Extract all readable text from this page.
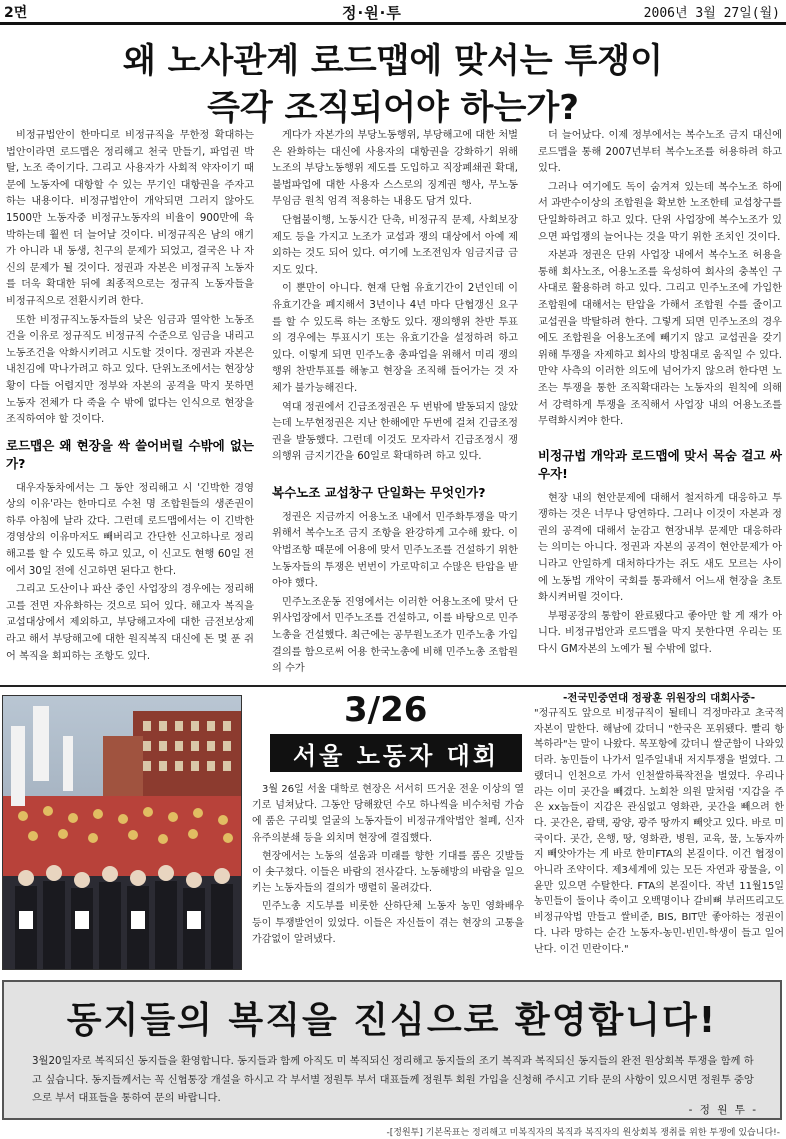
2면	정·원·투	2006년 3월 27일(월)
왜 노사관계 로드맵에 맞서는 투쟁이
즉각 조직되어야 하는가?

비정규법안이 한마디로 비정규직을 무한정 확대하는 법안이라면 로드맵은 정리해고 천국 만들기, 파업권 박탈, 노조 죽이기다. 그리고 사용자가 사회적 약자이기 때문에 노동자에 대항할 수 있는 무기인 대항권을 주자고 하는 내용이다. 비정규법안이 개악되면 그러지 않아도 1500만 노동자중 비정규노동자의 비율이 900만에 육박하는데 훨씬 더 늘어날 것이다. 비정규직은 남의 얘기가 아니라 내 동생, 친구의 문제가 되었고, 결국은 나 자신의 문제가 될 것이다. 정권과 자본은 비정규직 노동자를 더욱 확대한 뒤에 최종적으로는 정규직 노동자들을 비정규직으로 전환시키려 한다.

또한 비정규직노동자들의 낮은 임금과 열악한 노동조건을 이유로 정규직도 비정규직 수준으로 임금을 내리고 노동조건을 악화시키려고 시도할 것이다. 정권과 자본은 내친김에 막나가려고 하고 있다. 단위노조에서는 현장상황이 다들 어렵지만 정부와 자본의 공격을 막지 못하면 노동자 전체가 다 죽을 수 밖에 없다는 인식으로 현장을 조직하여야 할 것이다.

로드맵은 왜 현장을 싹 쓸어버릴 수밖에 없는가?

대우자동차에서는 그 동안 정리해고 시 '긴박한 경영상의 이유'라는 한마디로 수천 명 조합원들의 생존권이 하루 아침에 날라 갔다. 그런데 로드맵에서는 이 긴박한 경영상의 이유마저도 빼버리고 간단한 신고하나로 정리해고를 할 수 있도록 하고 있고, 이 신고도 현행 60일 전에서 30일 전에 신고하면 된다고 한다.

그리고 도산이나 파산 중인 사업장의 경우에는 정리해고를 전면 자유화하는 것으로 되어 있다. 해고자 복직을 교섭대상에서 제외하고, 부당해고자에 대한 금전보상제라고 해서 부당해고에 대한 원직복직 대신에 돈 몇 푼 쥐어 복직을 회피하는 조항도 있다.

게다가 자본가의 부당노동행위, 부당해고에 대한 처벌은 완화하는 대신에 사용자의 대항권을 강화하기 위해 노조의 부당노동행위 제도를 도입하고 직장폐쇄권 확대, 불법파업에 대한 사용자 스스로의 징계권 행사, 무노동 무임금 원칙 엄격 적용하는 내용도 담겨 있다.

단협불이행, 노동시간 단축, 비정규직 문제, 사회보장제도 등을 가지고 노조가 교섭과 쟁의 대상에서 아예 제외하는 것도 되어 있다. 여기에 노조전임자 임금지급 금지도 있다.

이 뿐만이 아니다. 현재 단협 유효기간이 2년인데 이 유효기간을 폐지해서 3년이나 4년 마다 단협갱신 요구를 할 수 있도록 하는 조항도 있다. 쟁의행위 찬반 투표의 경우에는 투표시기 또는 유효기간을 설정하려 하고 있다. 이렇게 되면 민주노총 총파업을 위해서 미리 쟁의행위 찬반투표를 해놓고 현장을 조직해 들어가는 것 자체가 불가능해진다.

역대 정권에서 긴급조정권은 두 번밖에 발동되지 않았는데 노무현정권은 지난 한해에만 두번에 걸쳐 긴급조정권을 발동했다. 그런데 이것도 모자라서 긴급조정시 쟁의행위 금지기간을 60일로 확대하려 하고 있다.

복수노조 교섭창구 단일화는 무엇인가?

정권은 지금까지 어용노조 내에서 민주화투쟁을 막기 위해서 복수노조 금지 조항을 완강하게 고수해 왔다. 이 악법조항 때문에 어용에 맞서 민주노조를 건설하기 위한 노동자들의 투쟁은 번번이 가로막히고 수많은 탄압을 받아야 했다.

민주노조운동 진영에서는 이러한 어용노조에 맞서 단위사업장에서 민주노조를 건설하고, 이를 바탕으로 민주노총을 건설했다. 최근에는 공무원노조가 민주노총 가입 결의를 함으로써 어용 한국노총에 비해 민주노총 조합원의 수가

더 늘어났다. 이제 정부에서는 복수노조 금지 대신에 로드맵을 통해 2007년부터 복수노조를 허용하려 하고 있다.

그러나 여기에도 독이 숨겨져 있는데 복수노조 하에서 과반수이상의 조합원을 확보한 노조한테 교섭창구를 단일화하려고 하고 있다. 단위 사업장에 복수노조가 있으면 파업쟁의 늘어나는 것을 막기 위한 조치인 것이다.

자본과 정권은 단위 사업장 내에서 복수노조 허용을 통해 회사노조, 어용노조를 육성하여 회사의 충복인 구사대로 활용하려 하고 있다. 그리고 민주노조에 가입한 조합원에 대해서는 탄압을 가해서 조합원 수를 줄이고 교섭권을 박탈하려 한다. 그렇게 되면 민주노조의 경우에도 조합원을 어용노조에 빼기지 않고 교섭권을 갖기 위해 투쟁을 자제하고 회사의 방침대로 움직일 수 있다. 만약 사측의 이러한 의도에 넘어가지 않으려 한다면 노조는 투쟁을 통한 조직확대라는 노동자의 원칙에 의해서 강력하게 투쟁을 조직해서 사업장 내의 어용노조를 무력화시켜야 한다.

비정규법 개악과 로드맵에 맞서 목숨 걸고 싸우자!

현장 내의 현안문제에 대해서 철저하게 대응하고 투쟁하는 것은 너무나 당연하다. 그러나 이것이 자본과 정권의 공격에 대해서 눈감고 현장내부 문제만 대응하라는 의미는 아니다. 정권과 자본의 공격이 현안문제가 아니라고 안일하게 대처하다가는 쥐도 새도 모르는 사이에 노동법 개악이 국회를 통과해서 어느새 현장을 초토화시켜버릴 것이다.

부평공장의 통합이 완료됐다고 좋아만 할 게 재가 아니다. 비정규법안과 로드맵을 막지 못한다면 우리는 또 다시 GM자본의 노예가 될 수밖에 없다.

3/26
서울 노동자 대회

3월 26일 서울 대학로 현장은 서서히 뜨거운 전운 이상의 열기로 넘쳐났다. 그동안 당해왔던 수모 하나씩을 비수처럼 가슴에 품은 구리빛 얼굴의 노동자들이 비정규개악법안 철폐, 신자유주의분쇄 등을 외치며 현장에 결집했다.

현장에서는 노동의 설움과 미래를 향한 기대를 품은 깃발들이 솟구쳤다. 이들은 바람의 전사같다. 노동해방의 바람을 일으키는 노동자들의 결의가 맹렬히 몰려갔다.

민주노총 지도부를 비롯한 산하단체 노동자 농민 영화배우 등이 투쟁발언이 있었다. 이들은 자신들이 겪는 현장의 고통을 가감없이 알려냈다.

-전국민중연대 정광훈 위원장의 대회사중-
"정규직도 앞으로 비정규직이 될테니 걱정마라고 초국적자본이 말한다. 해남에 갔더니 "한국은 포위됐다. 빨리 항복하라"는 말이 나왔다. 목포항에 갔더니 쌀군함이 나와있더라. 농민들이 나가서 일주일내내 저지투쟁을 벌였다. 그랬더니 인천으로 가서 인천쌀하륙작전을 벌였다. 우리나라는 이미 곳간을 빼겼다. 노회찬 의원 말처럼 '지갑을 주은 xx놈들이 지갑은 관심없고 영화관, 곳간을 빼으려 한다. 곳간은, 괌택, 광양, 광주 땅까지 빼앗고 있다. 바로 미국이다. 곳간, 은행, 땅, 영화관, 병원, 교육, 물, 노동자까지 빼앗아가는 게 바로 한미FTA의 본질이다. 이건 협정이 아니라 조약이다. 제3세계에 있는 모든 자연과 광물을, 이윤만 있으면 수탈한다. FTA의 본질이다. 작년 11월15일 농민들이 둘이나 죽이고 오백명이나 갈비뼈 부러뜨리고도 비정규악법 만들고 쌀비준, BIS, BIT만 좋아하는 정권이다. 나라 망하는 순간 노동자-농민-빈민-학생이 들고 일어난다. 이건 민란이다."
동지들의 복직을 진심으로 환영합니다!
3월20일자로 복직되신 동지들을 환영합니다. 동지들과 함께 아직도 미 복직되신 정리해고 동지들의 조기 복직과 복직되신 동지들의 완전 원상회복 투쟁을 함께 하고 싶습니다. 동지들께서는 꼭 신협통장 개설을 하시고 각 부서별 정원투 부서 대표들께 정원투 회원 가입을 신청해 주시고 기타 문의 사항이 있으시면 정원투 중앙으로 부서 대표들을 통하여 문의 바랍니다.
- 정 원 투 -
-[정원투] 기본목표는 정리해고 미복직자의 복직과 복직자의 원상회복 쟁취를 위한 투쟁에 있습니다!-
